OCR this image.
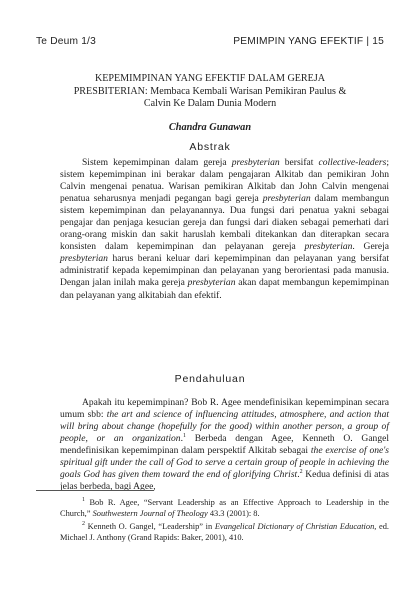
Te Deum 1/3	PEMIMPIN YANG EFEKTIF | 15
KEPEMIMPINAN YANG EFEKTIF DALAM GEREJA
PRESBITERIAN: Membaca Kembali Warisan Pemikiran Paulus &
Calvin Ke Dalam Dunia Modern
Chandra Gunawan
Abstrak
Sistem kepemimpinan dalam gereja presbyterian bersifat collective-leaders; sistem kepemimpinan ini berakar dalam pengajaran Alkitab dan pemikiran John Calvin mengenai penatua. Warisan pemikiran Alkitab dan John Calvin mengenai penatua seharusnya menjadi pegangan bagi gereja presbyterian dalam membangun sistem kepemimpinan dan pelayanannya. Dua fungsi dari penatua yakni sebagai pengajar dan penjaga kesucian gereja dan fungsi dari diaken sebagai pemerhati dari orang-orang miskin dan sakit haruslah kembali ditekankan dan diterapkan secara konsisten dalam kepemimpinan dan pelayanan gereja presbyterian. Gereja presbyterian harus berani keluar dari kepemimpinan dan pelayanan yang bersifat administratif kepada kepemimpinan dan pelayanan yang berorientasi pada manusia. Dengan jalan inilah maka gereja presbyterian akan dapat membangun kepemimpinan dan pelayanan yang alkitabiah dan efektif.
Pendahuluan
Apakah itu kepemimpinan? Bob R. Agee mendefinisikan kepemimpinan secara umum sbb: the art and science of influencing attitudes, atmosphere, and action that will bring about change (hopefully for the good) within another person, a group of people, or an organization.$^1$ Berbeda dengan Agee, Kenneth O. Gangel mendefinisikan kepemimpinan dalam perspektif Alkitab sebagai the exercise of one's spiritual gift under the call of God to serve a certain group of people in achieving the goals God has given them toward the end of glorifying Christ.$^2$ Kedua definisi di atas jelas berbeda, bagi Agee,
$^1$ Bob R. Agee, “Servant Leadership as an Effective Approach to Leadership in the Church,” Southwestern Journal of Theology 43.3 (2001): 8.
$^2$ Kenneth O. Gangel, “Leadership” in Evangelical Dictionary of Christian Education, ed. Michael J. Anthony (Grand Rapids: Baker, 2001), 410.
